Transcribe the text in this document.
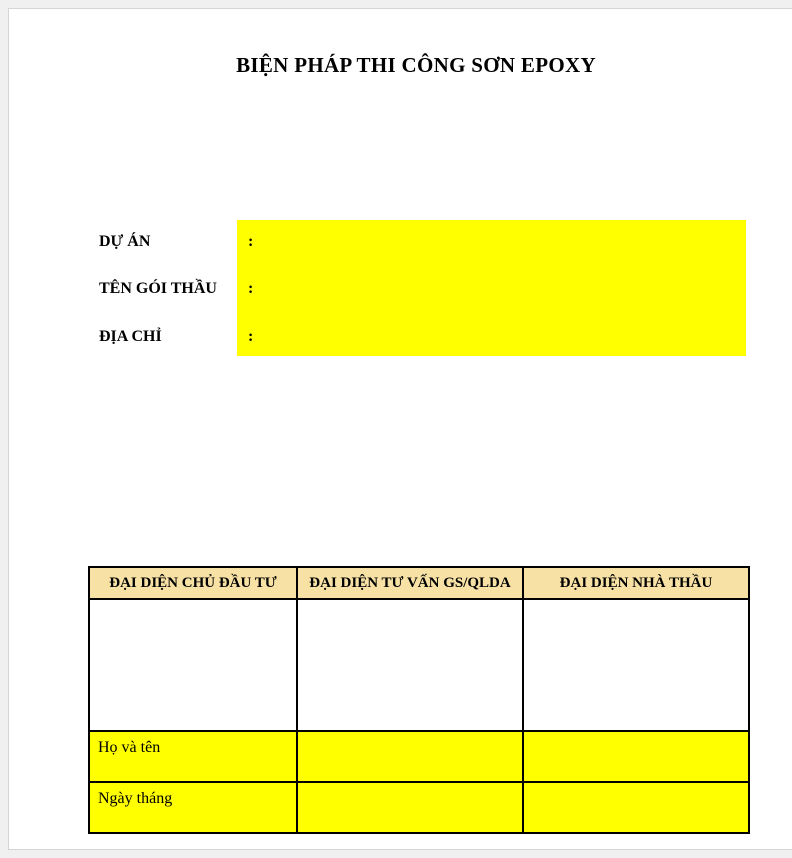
BIỆN PHÁP THI CÔNG SƠN EPOXY
DỰ ÁN	:
TÊN GÓI THẦU	:
ĐỊA CHỈ	:
ĐẠI DIỆN CHỦ ĐẦU TƯ	ĐẠI DIỆN TƯ VẤN GS/QLDA	ĐẠI DIỆN NHÀ THẦU

Họ và tên		
Ngày tháng		
